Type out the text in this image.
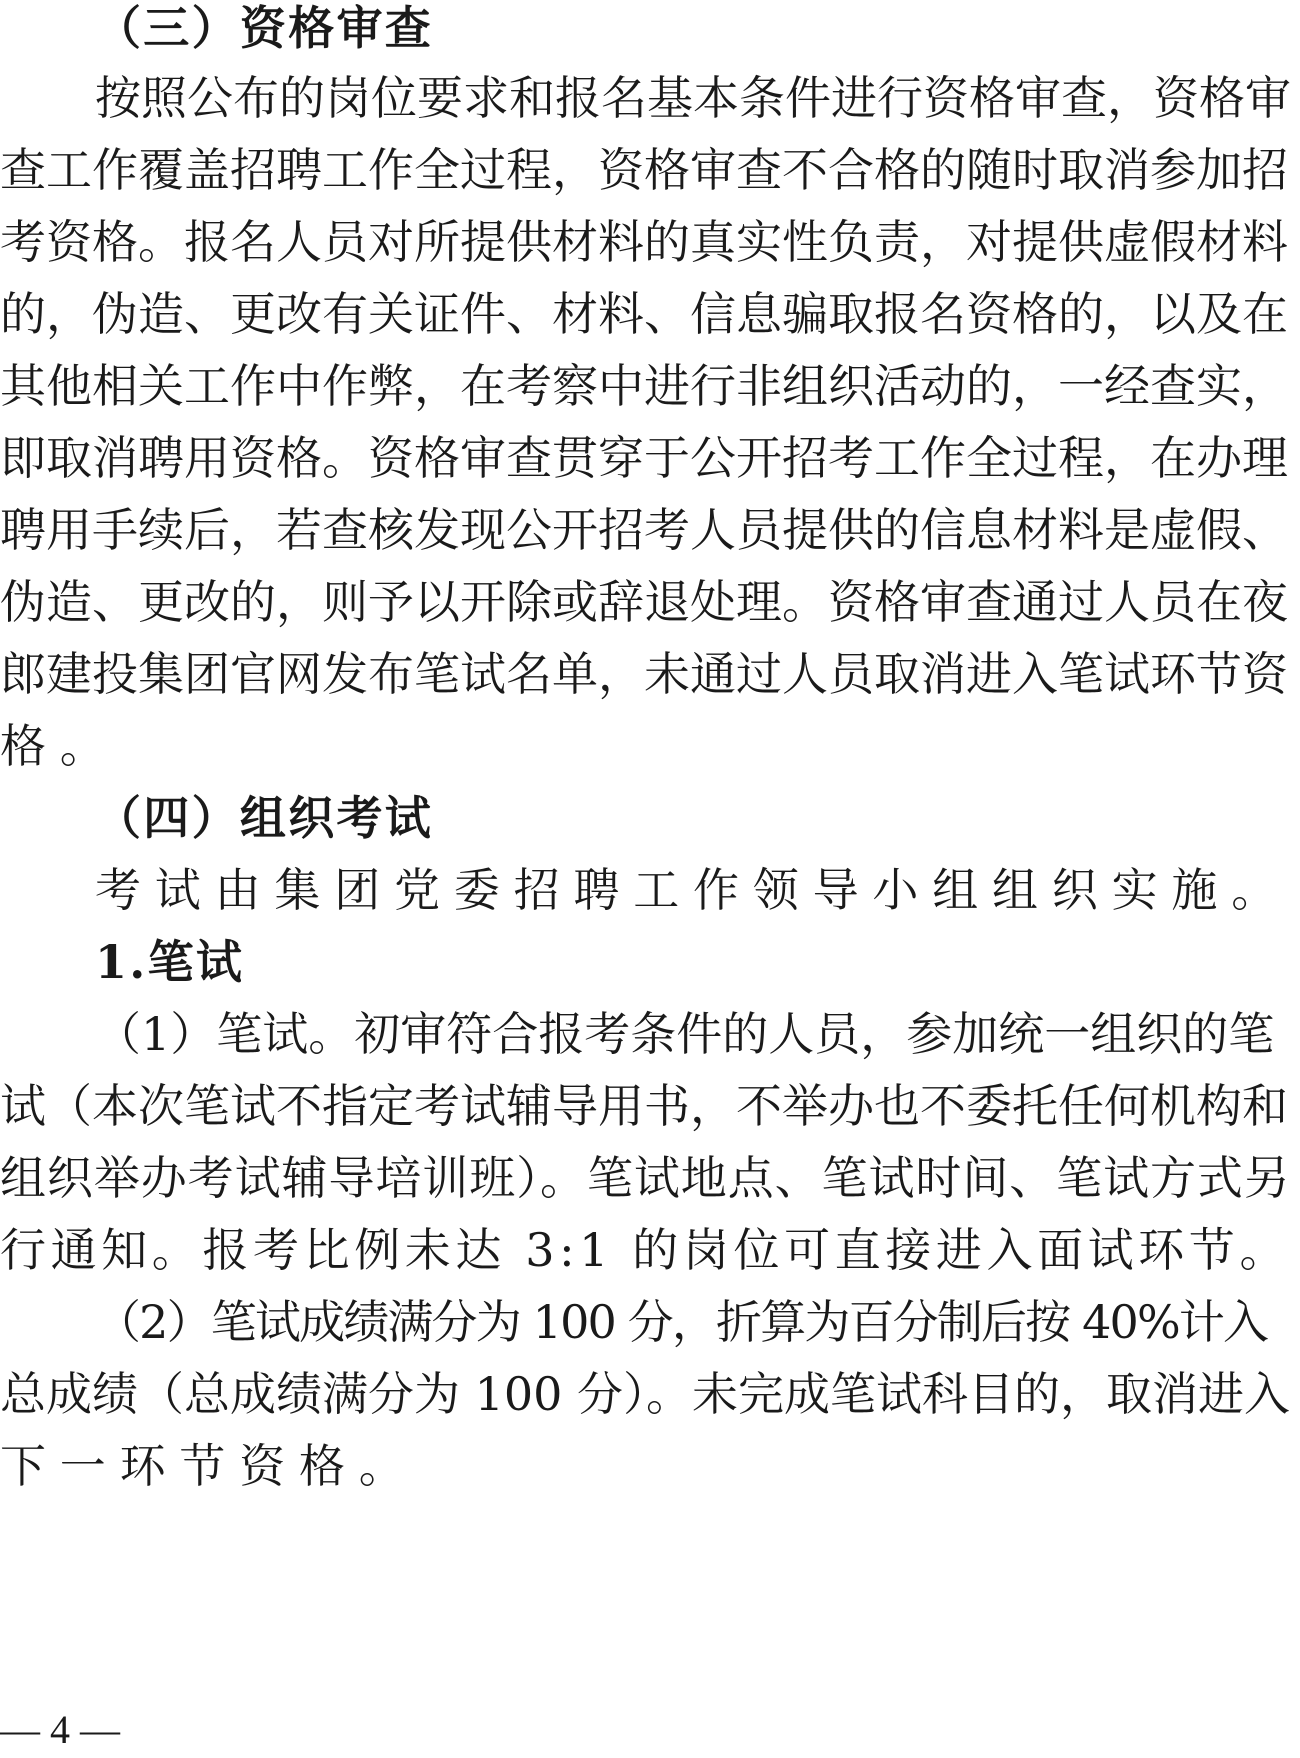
（三）资格审查
按照公布的岗位要求和报名基本条件进行资格审查，资格审
查工作覆盖招聘工作全过程，资格审查不合格的随时取消参加招
考资格。报名人员对所提供材料的真实性负责，对提供虚假材料
的，伪造、更改有关证件、材料、信息骗取报名资格的，以及在
其他相关工作中作弊，在考察中进行非组织活动的，一经查实，
即取消聘用资格。资格审查贯穿于公开招考工作全过程，在办理
聘用手续后，若查核发现公开招考人员提供的信息材料是虚假、
伪造、更改的，则予以开除或辞退处理。资格审查通过人员在夜
郎建投集团官网发布笔试名单，未通过人员取消进入笔试环节资
格。
（四）组织考试
考试由集团党委招聘工作领导小组组织实施。
1.笔试
（1）笔试。初审符合报考条件的人员，参加统一组织的笔
试（本次笔试不指定考试辅导用书，不举办也不委托任何机构和
组织举办考试辅导培训班）。笔试地点、笔试时间、笔试方式另
行通知。报考比例未达 3:1 的岗位可直接进入面试环节。
（2）笔试成绩满分为 100 分，折算为百分制后按 40%计入
总成绩（总成绩满分为 100 分）。未完成笔试科目的，取消进入
下一环节资格。
— 4 —
